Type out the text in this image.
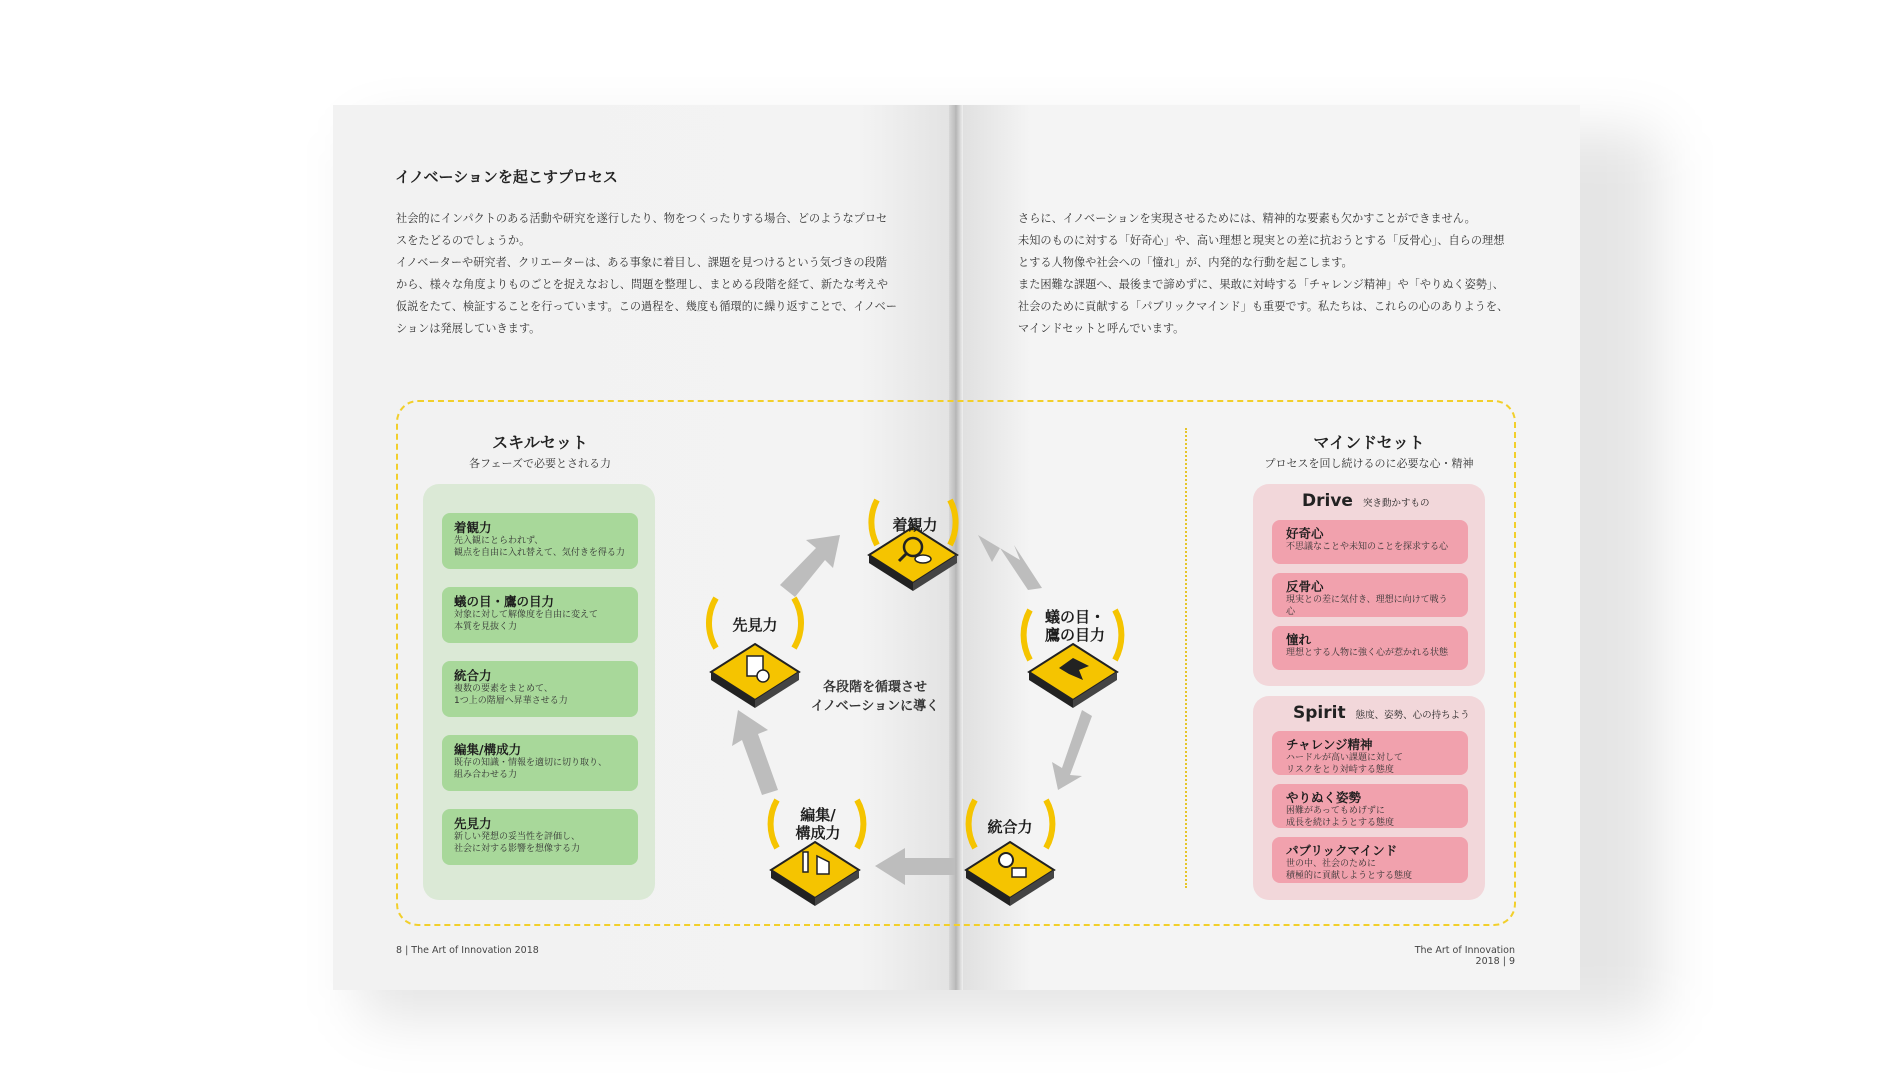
イノベーションを起こすプロセス
社会的にインパクトのある活動や研究を遂行したり、物をつくったりする場合、どのようなプロセ
スをたどるのでしょうか。
イノベーターや研究者、クリエーターは、ある事象に着目し、課題を見つけるという気づきの段階
から、様々な角度よりものごとを捉えなおし、問題を整理し、まとめる段階を経て、新たな考えや
仮説をたて、検証することを行っています。この過程を、幾度も循環的に繰り返すことで、イノベー
ションは発展していきます。
さらに、イノベーションを実現させるためには、精神的な要素も欠かすことができません。
未知のものに対する「好奇心」や、高い理想と現実との差に抗おうとする「反骨心」、自らの理想
とする人物像や社会への「憧れ」が、内発的な行動を起こします。
また困難な課題へ、最後まで諦めずに、果敢に対峙する「チャレンジ精神」や「やりぬく姿勢」、
社会のために貢献する「パブリックマインド」も重要です。私たちは、これらの心のありようを、
マインドセットと呼んでいます。
スキルセット
各フェーズで必要とされる力
着観力
先入観にとらわれず、
観点を自由に入れ替えて、気付きを得る力
蟻の目・鷹の目力
対象に対して解像度を自由に変えて
本質を見抜く力
統合力
複数の要素をまとめて、
1つ上の階層へ昇華させる力
編集/構成力
既存の知識・情報を適切に切り取り、
組み合わせる力
先見力
新しい発想の妥当性を評価し、
社会に対する影響を想像する力
着観力
蟻の目・
鷹の目力
統合力
編集/
構成力
先見力
各段階を循環させ
イノベーションに導く
マインドセット
プロセスを回し続けるのに必要な心・精神
Drive 突き動かすもの
好奇心
不思議なことや未知のことを探求する心
反骨心
現実との差に気付き、理想に向けて戦う心
憧れ
理想とする人物に強く心が惹かれる状態
Spirit 態度、姿勢、心の持ちよう
チャレンジ精神
ハードルが高い課題に対して
リスクをとり対峙する態度
やりぬく姿勢
困難があってもめげずに
成長を続けようとする態度
パブリックマインド
世の中、社会のために
積極的に貢献しようとする態度
8 | The Art of Innovation 2018	The Art of Innovation 2018 | 9
